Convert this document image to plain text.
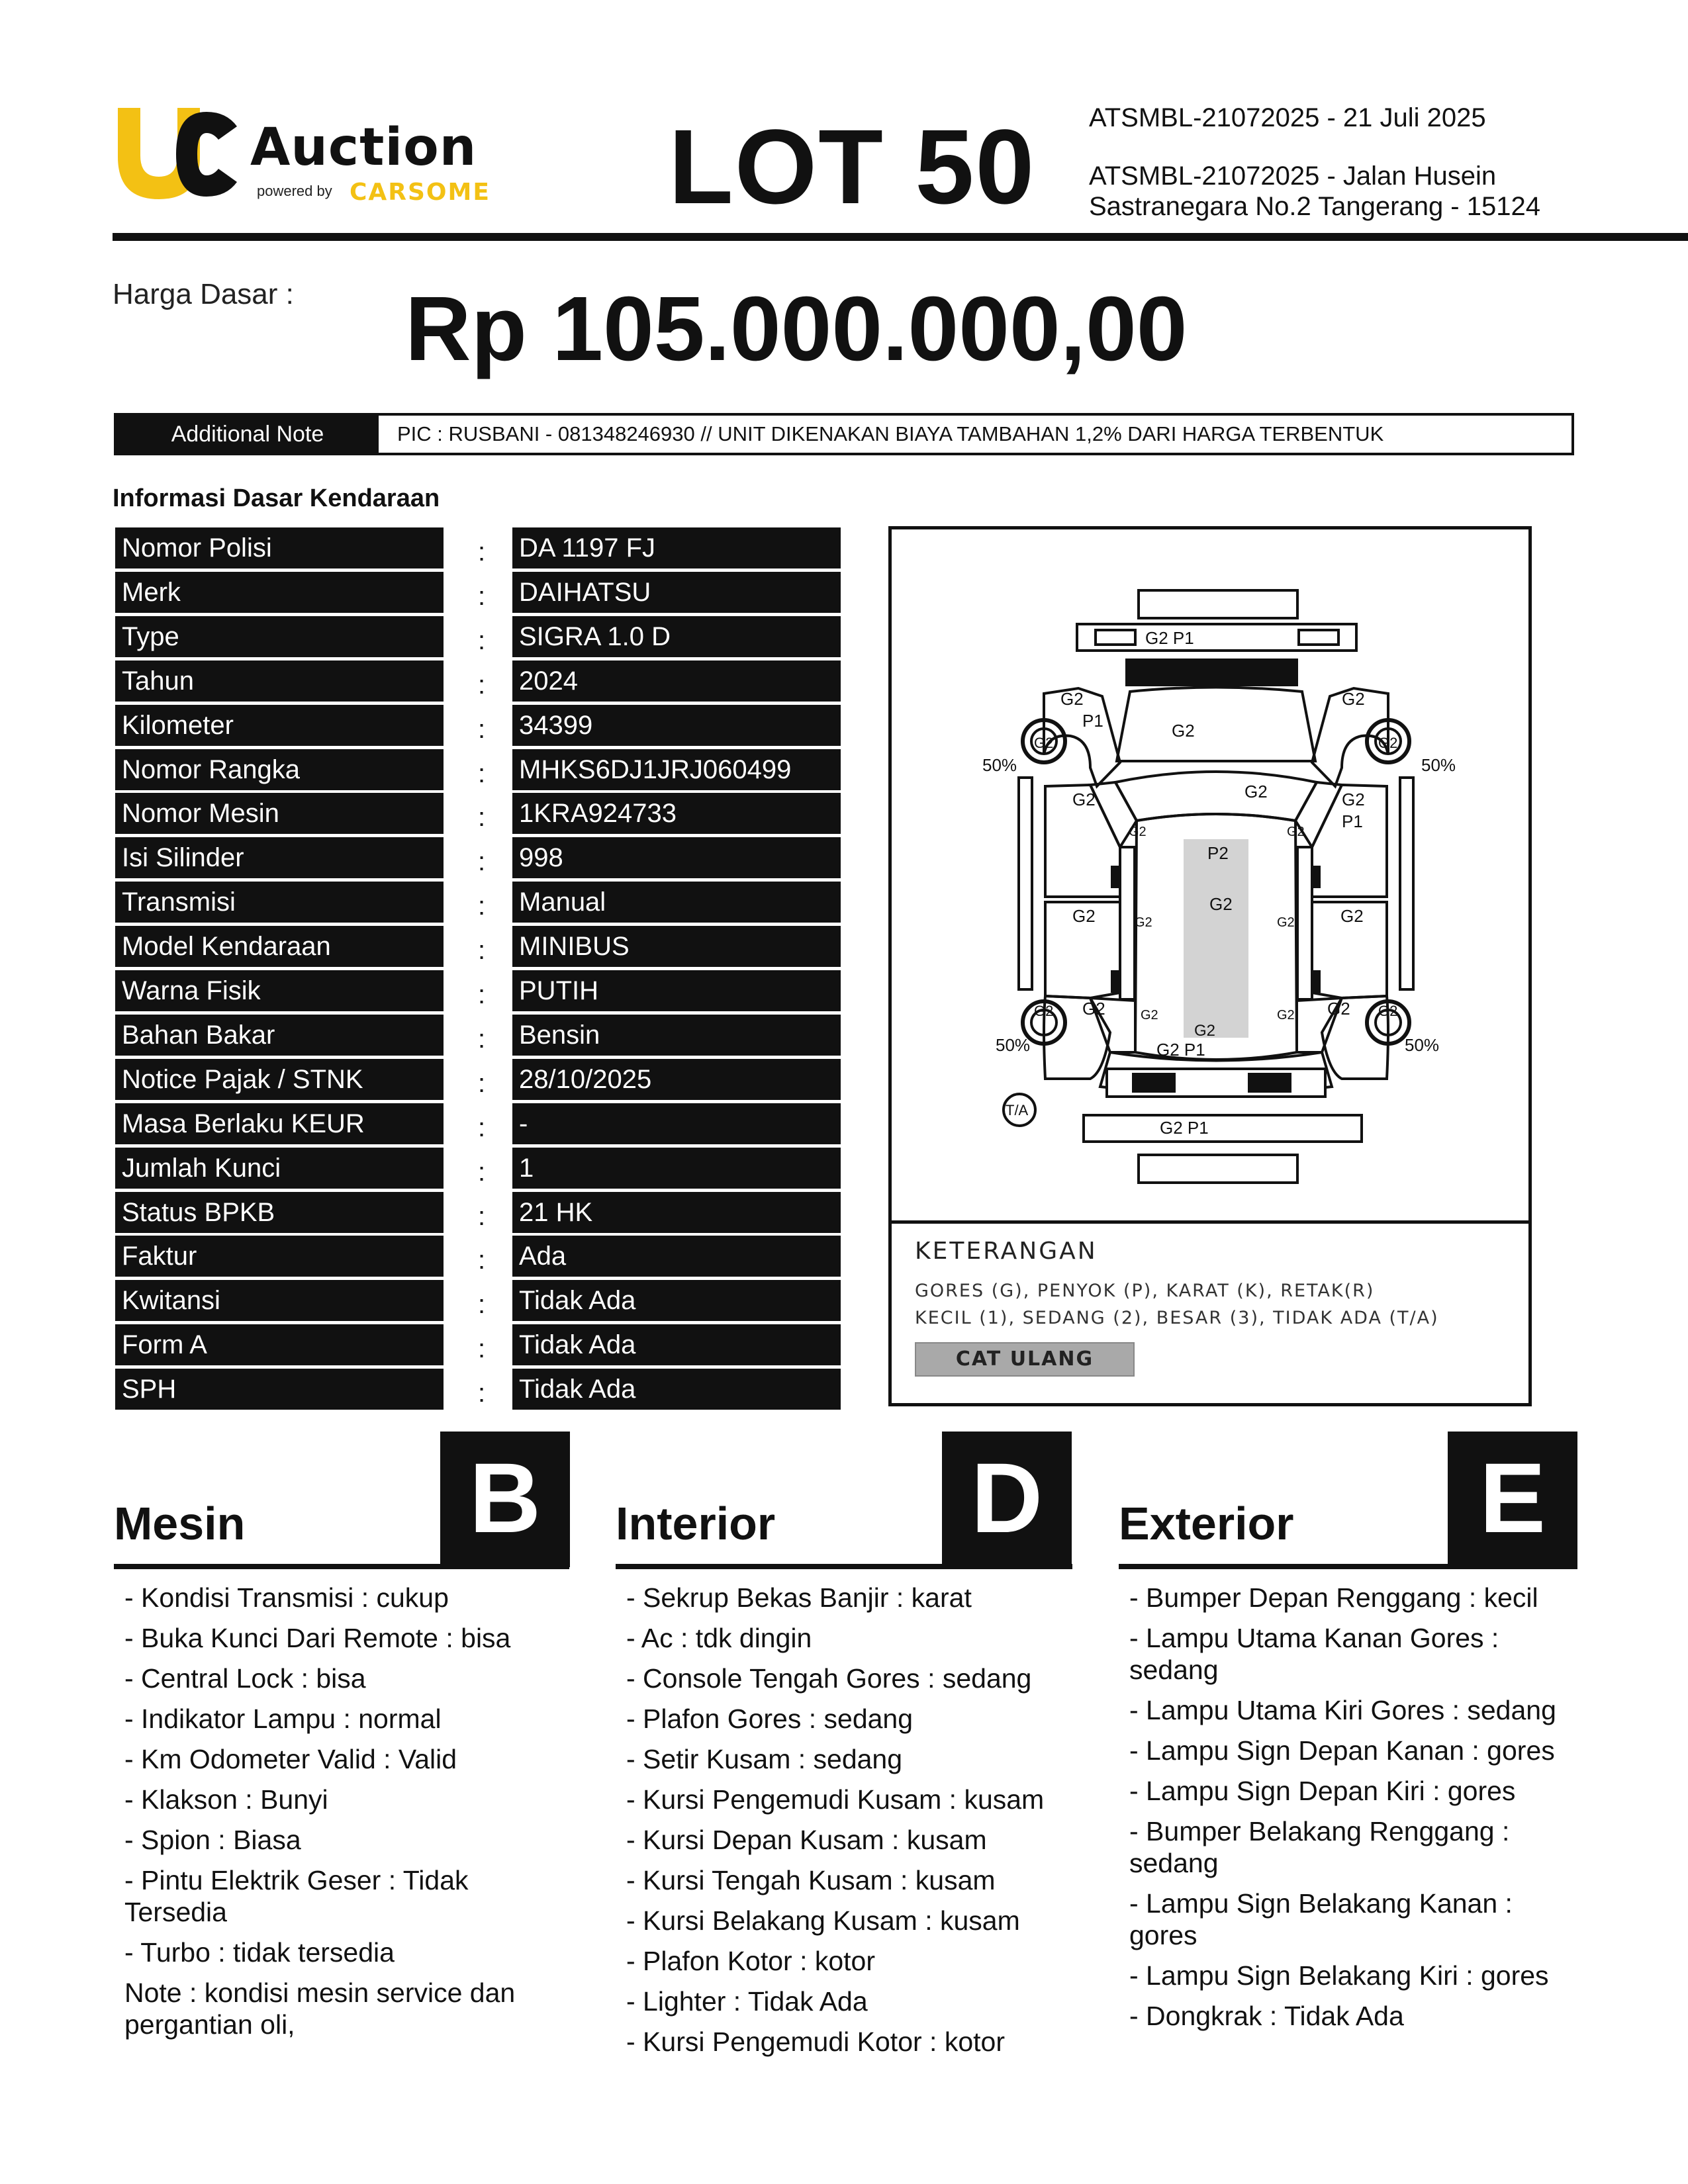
Auction
powered by CARSOME LOT 50 ATSMBL-21072025 - 21 Juli 2025
ATSMBL-21072025 - Jalan Husein Sastranegara No.2 Tangerang - 15124
Harga Dasar : Rp 105.000.000,00
Additional Note	PIC : RUSBANI - 081348246930 // UNIT DIKENAKAN BIAYA TAMBAHAN 1,2% DARI HARGA TERBENTUK
Informasi Dasar Kendaraan
Nomor Polisi	: DA 1197 FJ
Merk	: DAIHATSU
Type	: SIGRA 1.0 D
Tahun	: 2024
Kilometer	: 34399
Nomor Rangka	: MHKS6DJ1JRJ060499
Nomor Mesin	: 1KRA924733
Isi Silinder	: 998
Transmisi	: Manual
Model Kendaraan	: MINIBUS
Warna Fisik	: PUTIH
Bahan Bakar	: Bensin
Notice Pajak / STNK	: 28/10/2025
Masa Berlaku KEUR	: -
Jumlah Kunci	: 1
Status BPKB	: 21 HK
Faktur	: Ada
Kwitansi	: Tidak Ada
Form A	: Tidak Ada
SPH	: Tidak Ada
G2 P1
G2
P1	G2
G2
G2	G2
50%	50%
G2	G2	G2
P1
G2	G2
P2
G2
G2	G2	G2	G2
G2 G2	G2	G2 G2 G2
G2
50%	50%
G2 P1
T/A
G2 P1
KETERANGAN
GORES (G), PENYOK (P), KARAT (K), RETAK(R)
KECIL (1), SEDANG (2), BESAR (3), TIDAK ADA (T/A)
CAT ULANG
Mesin B
- Kondisi Transmisi : cukup
- Buka Kunci Dari Remote : bisa
- Central Lock : bisa
- Indikator Lampu : normal
- Km Odometer Valid : Valid
- Klakson : Bunyi
- Spion : Biasa
- Pintu Elektrik Geser : Tidak Tersedia
- Turbo : tidak tersedia
Note : kondisi mesin service dan pergantian oli,
Interior D
- Sekrup Bekas Banjir : karat
- Ac : tdk dingin
- Console Tengah Gores : sedang
- Plafon Gores : sedang
- Setir Kusam : sedang
- Kursi Pengemudi Kusam : kusam
- Kursi Depan Kusam : kusam
- Kursi Tengah Kusam : kusam
- Kursi Belakang Kusam : kusam
- Plafon Kotor : kotor
- Lighter : Tidak Ada
- Kursi Pengemudi Kotor : kotor
Exterior	E
- Bumper Depan Renggang : kecil
- Lampu Utama Kanan Gores : sedang
- Lampu Utama Kiri Gores : sedang
- Lampu Sign Depan Kanan : gores
- Lampu Sign Depan Kiri : gores
- Bumper Belakang Renggang : sedang
- Lampu Sign Belakang Kanan : gores
- Lampu Sign Belakang Kiri : gores
- Dongkrak : Tidak Ada
